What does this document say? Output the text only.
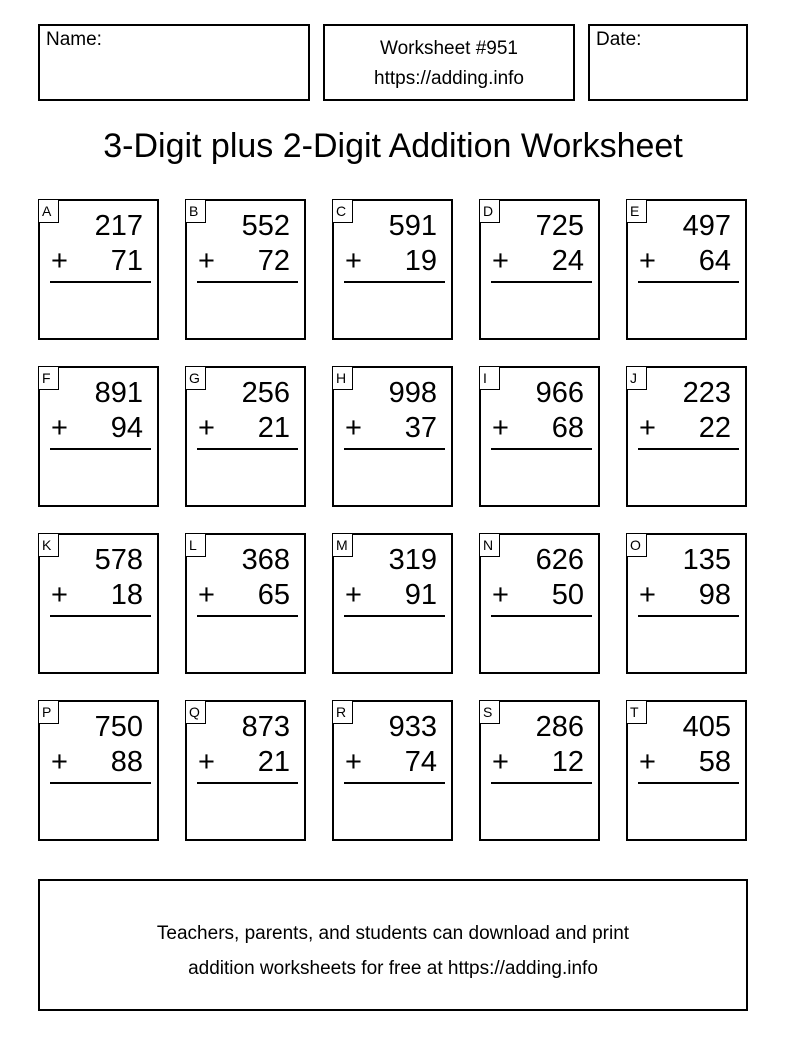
Name:	Worksheet #951
https://adding.info
Date:
3-Digit plus 2-Digit Addition Worksheet
A 217
+ 71
B 552
+ 72
C 591
+ 19
D 725
+ 24
E 497
+ 64
F 891
+ 94
G 256
+ 21
H 998
+ 37
I	966
+ 68
J	223
+ 22
K 578
+ 18
L	368
+ 65
M 319
+ 91
N 626
+ 50
O 135
+ 98
P 750
+ 88
Q 873
+ 21
R 933
+ 74
S 286
+ 12
T 405
+ 58
Teachers, parents, and students can download and print
addition worksheets for free at https://adding.info
